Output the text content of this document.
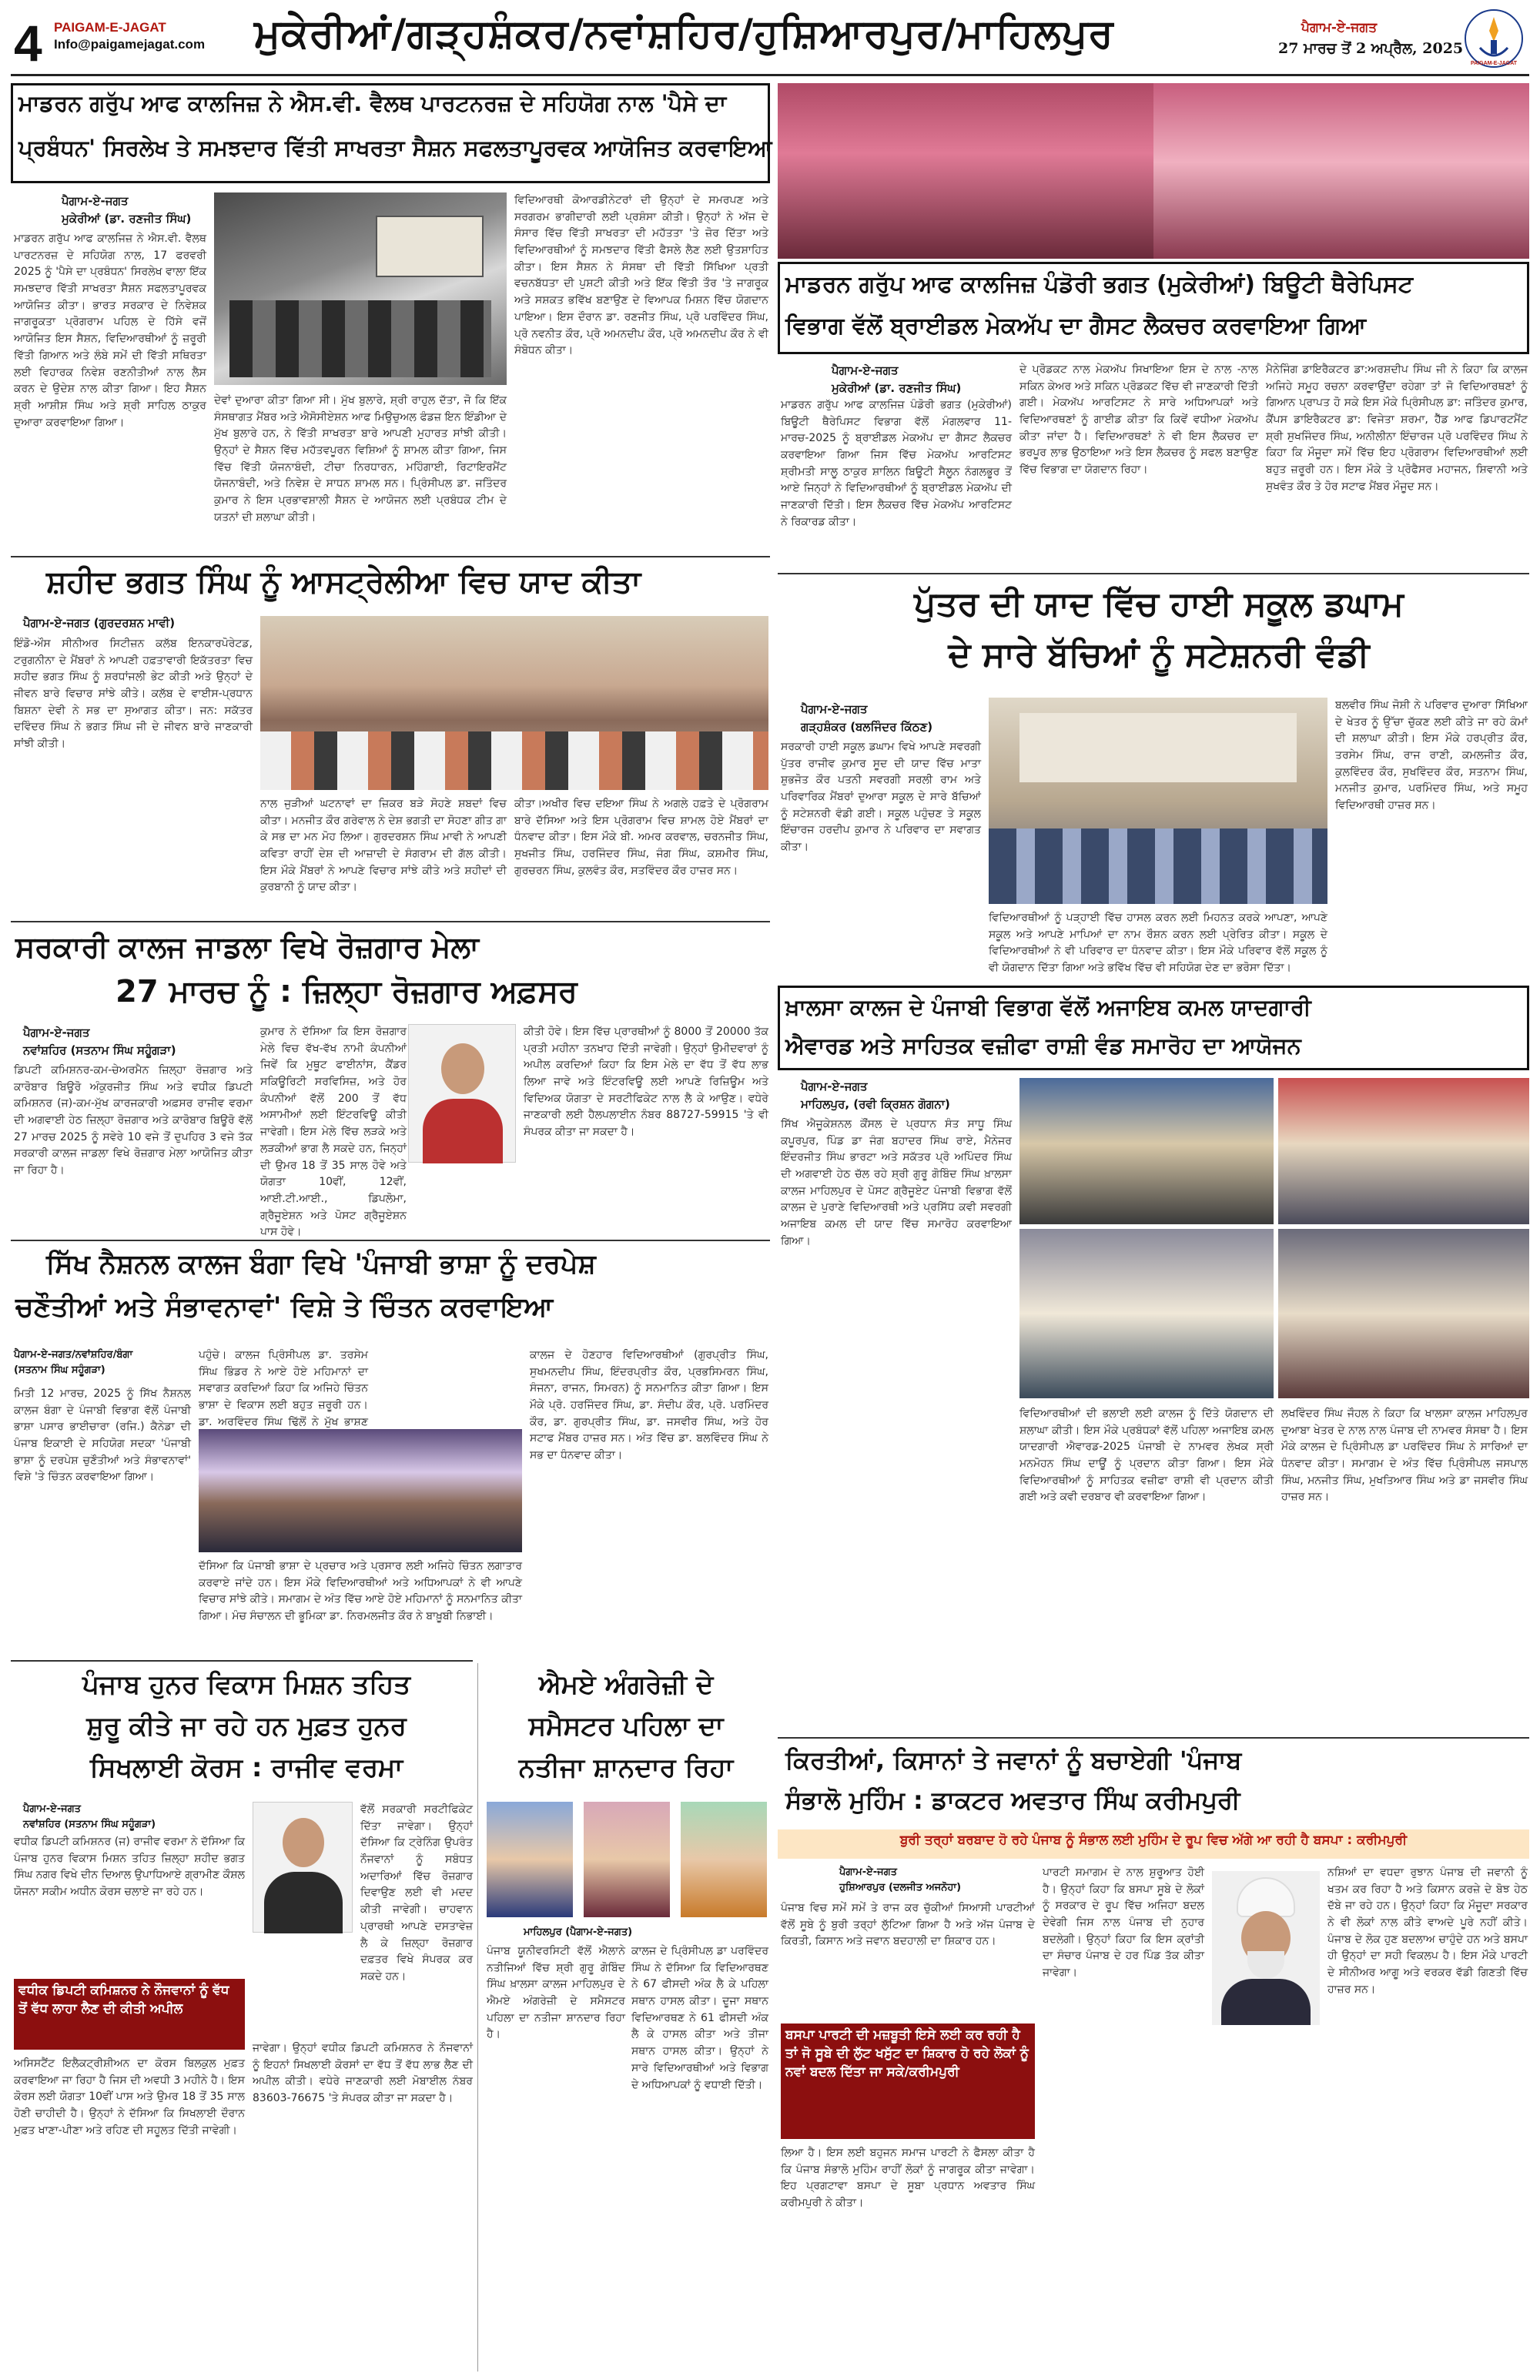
4 PAIGAM-E-JAGAT
Info@paigamejagat.com ਮੁਕੇਰੀਆਂ/ਗੜ੍ਹਸ਼ੰਕਰ/ਨਵਾਂਸ਼ਹਿਰ/ਹੁਸ਼ਿਆਰਪੁਰ/ਮਾਹਿਲਪੁਰ	ਪੈਗਾਮ-ਏ-ਜਗਤ
27 ਮਾਰਚ ਤੋਂ 2 ਅਪ੍ਰੈਲ, 2025
PAIGAM-E-JAGAT
ਮਾਡਰਨ ਗਰੁੱਪ ਆਫ ਕਾਲਜਿਜ਼ ਨੇ ਐਸ.ਵੀ. ਵੈਲਥ ਪਾਰਟਨਰਜ਼ ਦੇ ਸਹਿਯੋਗ ਨਾਲ 'ਪੈਸੇ ਦਾ
ਪ੍ਰਬੰਧਨ' ਸਿਰਲੇਖ ਤੇ ਸਮਝਦਾਰ ਵਿੱਤੀ ਸਾਖਰਤਾ ਸੈਸ਼ਨ ਸਫਲਤਾਪੂਰਵਕ ਆਯੋਜਿਤ ਕਰਵਾਇਆ
ਪੈਗਾਮ-ਏ-ਜਗਤ
ਮੁਕੇਰੀਆਂ (ਡਾ. ਰਣਜੀਤ ਸਿੰਘ)
ਮਾਡਰਨ ਗਰੁੱਪ ਆਫ ਕਾਲਜਿਜ਼ ਨੇ ਐਸ.ਵੀ. ਵੈਲਥ ਪਾਰਟਨਰਜ਼ ਦੇ ਸਹਿਯੋਗ ਨਾਲ, 17 ਫਰਵਰੀ 2025 ਨੂੰ 'ਪੈਸੇ ਦਾ ਪ੍ਰਬੰਧਨ' ਸਿਰਲੇਖ ਵਾਲਾ ਇੱਕ ਸਮਝਦਾਰ ਵਿੱਤੀ ਸਾਖਰਤਾ ਸੈਸ਼ਨ ਸਫਲਤਾਪੂਰਵਕ ਆਯੋਜਿਤ ਕੀਤਾ। ਭਾਰਤ ਸਰਕਾਰ ਦੇ ਨਿਵੇਸ਼ਕ ਜਾਗਰੂਕਤਾ ਪ੍ਰੋਗਰਾਮ ਪਹਿਲ ਦੇ ਹਿੱਸੇ ਵਜੋਂ ਆਯੋਜਿਤ ਇਸ ਸੈਸ਼ਨ, ਵਿਦਿਆਰਥੀਆਂ ਨੂੰ ਜ਼ਰੂਰੀ ਵਿੱਤੀ ਗਿਆਨ ਅਤੇ ਲੰਬੇ ਸਮੇਂ ਦੀ ਵਿੱਤੀ ਸਥਿਰਤਾ ਲਈ ਵਿਹਾਰਕ ਨਿਵੇਸ਼ ਰਣਨੀਤੀਆਂ ਨਾਲ ਲੈਸ ਕਰਨ ਦੇ ਉਦੇਸ਼ ਨਾਲ ਕੀਤਾ ਗਿਆ। ਇਹ ਸੈਸ਼ਨ ਸ਼੍ਰੀ ਆਸ਼ੀਸ਼ ਸਿੰਘ ਅਤੇ ਸ਼੍ਰੀ ਸਾਹਿਲ ਠਾਕੁਰ ਦੁਆਰਾ ਕਰਵਾਇਆ ਗਿਆ।
ਵਿਦਿਆਰਥੀ ਕੋਆਰਡੀਨੇਟਰਾਂ ਦੀ ਉਨ੍ਹਾਂ ਦੇ ਸਮਰਪਣ ਅਤੇ ਸਰਗਰਮ ਭਾਗੀਦਾਰੀ ਲਈ ਪ੍ਰਸ਼ੰਸਾ ਕੀਤੀ। ਉਨ੍ਹਾਂ ਨੇ ਅੱਜ ਦੇ ਸੰਸਾਰ ਵਿੱਚ ਵਿੱਤੀ ਸਾਖਰਤਾ ਦੀ ਮਹੱਤਤਾ 'ਤੇ ਜ਼ੋਰ ਦਿੱਤਾ ਅਤੇ ਵਿਦਿਆਰਥੀਆਂ ਨੂੰ ਸਮਝਦਾਰ ਵਿੱਤੀ ਫੈਸਲੇ ਲੈਣ ਲਈ ਉਤਸ਼ਾਹਿਤ ਕੀਤਾ। ਇਸ ਸੈਸ਼ਨ ਨੇ ਸੰਸਥਾ ਦੀ ਵਿੱਤੀ ਸਿੱਖਿਆ ਪ੍ਰਤੀ ਵਚਨਬੱਧਤਾ ਦੀ ਪੁਸ਼ਟੀ ਕੀਤੀ ਅਤੇ ਇੱਕ ਵਿੱਤੀ ਤੌਰ 'ਤੇ ਜਾਗਰੂਕ ਅਤੇ ਸਸ਼ਕਤ ਭਵਿੱਖ ਬਣਾਉਣ ਦੇ ਵਿਆਪਕ ਮਿਸ਼ਨ ਵਿੱਚ ਯੋਗਦਾਨ ਪਾਇਆ। ਇਸ ਦੌਰਾਨ ਡਾ. ਰਣਜੀਤ ਸਿੰਘ, ਪ੍ਰੋ ਪਰਵਿੰਦਰ ਸਿੰਘ, ਪ੍ਰੋ ਨਵਨੀਤ ਕੌਰ, ਪ੍ਰੋ ਅਮਨਦੀਪ ਕੌਰ, ਪ੍ਰੋ ਅਮਨਦੀਪ ਕੌਰ ਨੇ ਵੀ ਸੰਬੋਧਨ ਕੀਤਾ।
ਦੇਵਾਂ ਦੁਆਰਾ ਕੀਤਾ ਗਿਆ ਸੀ। ਮੁੱਖ ਬੁਲਾਰੇ, ਸ਼੍ਰੀ ਰਾਹੁਲ ਦੱਤਾ, ਜੋ ਕਿ ਇੱਕ ਸੰਸਥਾਗਤ ਮੈਂਬਰ ਅਤੇ ਐਸੋਸੀਏਸ਼ਨ ਆਫ ਮਿਉਚੁਅਲ ਫੰਡਜ਼ ਇਨ ਇੰਡੀਆ ਦੇ ਮੁੱਖ ਬੁਲਾਰੇ ਹਨ, ਨੇ ਵਿੱਤੀ ਸਾਖਰਤਾ ਬਾਰੇ ਆਪਣੀ ਮੁਹਾਰਤ ਸਾਂਝੀ ਕੀਤੀ। ਉਨ੍ਹਾਂ ਦੇ ਸੈਸ਼ਨ ਵਿੱਚ ਮਹੱਤਵਪੂਰਨ ਵਿਸ਼ਿਆਂ ਨੂੰ ਸ਼ਾਮਲ ਕੀਤਾ ਗਿਆ, ਜਿਸ ਵਿੱਚ ਵਿੱਤੀ ਯੋਜਨਾਬੰਦੀ, ਟੀਚਾ ਨਿਰਧਾਰਨ, ਮਹਿੰਗਾਈ, ਰਿਟਾਇਰਮੈਂਟ ਯੋਜਨਾਬੰਦੀ, ਅਤੇ ਨਿਵੇਸ਼ ਦੇ ਸਾਧਨ ਸ਼ਾਮਲ ਸਨ। ਪ੍ਰਿੰਸੀਪਲ ਡਾ. ਜਤਿੰਦਰ ਕੁਮਾਰ ਨੇ ਇਸ ਪ੍ਰਭਾਵਸ਼ਾਲੀ ਸੈਸ਼ਨ ਦੇ ਆਯੋਜਨ ਲਈ ਪ੍ਰਬੰਧਕ ਟੀਮ ਦੇ ਯਤਨਾਂ ਦੀ ਸ਼ਲਾਘਾ ਕੀਤੀ।
ਮਾਡਰਨ ਗਰੁੱਪ ਆਫ ਕਾਲਜਿਜ਼ ਪੰਡੋਰੀ ਭਗਤ (ਮੁਕੇਰੀਆਂ) ਬਿਊਟੀ ਥੈਰੇਪਿਸਟ
ਵਿਭਾਗ ਵੱਲੋਂ ਬ੍ਰਾਈਡਲ ਮੇਕਅੱਪ ਦਾ ਗੈਸਟ ਲੈਕਚਰ ਕਰਵਾਇਆ ਗਿਆ
ਪੈਗਾਮ-ਏ-ਜਗਤ
ਮੁਕੇਰੀਆਂ (ਡਾ. ਰਣਜੀਤ ਸਿੰਘ)
ਮਾਡਰਨ ਗਰੁੱਪ ਆਫ ਕਾਲਜਿਜ਼ ਪੰਡੋਰੀ ਭਗਤ (ਮੁਕੇਰੀਆਂ) ਬਿਊਟੀ ਥੈਰੇਪਿਸਟ ਵਿਭਾਗ ਵੱਲੋਂ ਮੰਗਲਵਾਰ 11-ਮਾਰਚ-2025 ਨੂੰ ਬ੍ਰਾਈਡਲ ਮੇਕਅੱਪ ਦਾ ਗੈਸਟ ਲੈਕਚਰ ਕਰਵਾਇਆ ਗਿਆ ਜਿਸ ਵਿੱਚ ਮੇਕਅੱਪ ਆਰਟਿਸਟ ਸ਼੍ਰੀਮਤੀ ਸਾਲੂ ਠਾਕੁਰ ਸ਼ਾਲਿਨ ਬਿਊਟੀ ਸੈਲੂਨ ਨੰਗਲਭੂਰ ਤੋਂ ਆਏ ਜਿਨ੍ਹਾਂ ਨੇ ਵਿਦਿਆਰਥੀਆਂ ਨੂੰ ਬ੍ਰਾਈਡਲ ਮੇਕਅੱਪ ਦੀ ਜਾਣਕਾਰੀ ਦਿੱਤੀ। ਇਸ ਲੈਕਚਰ ਵਿੱਚ ਮੇਕਅੱਪ ਆਰਟਿਸਟ ਨੇ ਰਿਕਾਰਡ ਕੀਤਾ।
ਦੇ ਪ੍ਰੋਡਕਟ ਨਾਲ ਮੇਕਅੱਪ ਸਿਖਾਇਆ ਇਸ ਦੇ ਨਾਲ -ਨਾਲ ਸਕਿਨ ਕੇਅਰ ਅਤੇ ਸਕਿਨ ਪ੍ਰੋਡਕਟ ਵਿੱਚ ਵੀ ਜਾਣਕਾਰੀ ਦਿੱਤੀ ਗਈ। ਮੇਕਅੱਪ ਆਰਟਿਸਟ ਨੇ ਸਾਰੇ ਅਧਿਆਪਕਾਂ ਅਤੇ ਵਿਦਿਆਰਥਣਾਂ ਨੂੰ ਗਾਈਡ ਕੀਤਾ ਕਿ ਕਿਵੇਂ ਵਧੀਆ ਮੇਕਅੱਪ ਕੀਤਾ ਜਾਂਦਾ ਹੈ। ਵਿਦਿਆਰਥਣਾਂ ਨੇ ਵੀ ਇਸ ਲੈਕਚਰ ਦਾ ਭਰਪੂਰ ਲਾਭ ਉਠਾਇਆ ਅਤੇ ਇਸ ਲੈਕਚਰ ਨੂੰ ਸਫਲ ਬਣਾਉਣ ਵਿੱਚ ਵਿਭਾਗ ਦਾ ਯੋਗਦਾਨ ਰਿਹਾ।
ਮੈਨੇਜਿੰਗ ਡਾਇਰੈਕਟਰ ਡਾ:ਅਰਸ਼ਦੀਪ ਸਿੰਘ ਜੀ ਨੇ ਕਿਹਾ ਕਿ ਕਾਲਜ ਅਜਿਹੇ ਸਮੂਹ ਰਚਨਾ ਕਰਵਾਉਂਦਾ ਰਹੇਗਾ ਤਾਂ ਜੋ ਵਿਦਿਆਰਥਣਾਂ ਨੂੰ ਗਿਆਨ ਪ੍ਰਾਪਤ ਹੋ ਸਕੇ ਇਸ ਮੌਕੇ ਪ੍ਰਿੰਸੀਪਲ ਡਾ: ਜਤਿੰਦਰ ਕੁਮਾਰ, ਕੈਂਪਸ ਡਾਇਰੈਕਟਰ ਡਾ: ਵਿਜੇਤਾ ਸ਼ਰਮਾ, ਹੈੱਡ ਆਫ ਡਿਪਾਰਟਮੈਂਟ ਸ਼੍ਰੀ ਸੁਖਜਿੰਦਰ ਸਿੰਘ, ਅਨੀਲੀਨਾ ਇੰਚਾਰਜ ਪ੍ਰੋ ਪਰਵਿੰਦਰ ਸਿੰਘ ਨੇ ਕਿਹਾ ਕਿ ਮੌਜੂਦਾ ਸਮੇਂ ਵਿੱਚ ਇਹ ਪ੍ਰੋਗਰਾਮ ਵਿਦਿਆਰਥੀਆਂ ਲਈ ਬਹੁਤ ਜ਼ਰੂਰੀ ਹਨ। ਇਸ ਮੌਕੇ ਤੇ ਪ੍ਰੋਫੈਸਰ ਮਹਾਜਨ, ਸ਼ਿਵਾਨੀ ਅਤੇ ਸੁਖਵੰਤ ਕੌਰ ਤੇ ਹੋਰ ਸਟਾਫ ਮੈਂਬਰ ਮੌਜੂਦ ਸਨ।
ਸ਼ਹੀਦ ਭਗਤ ਸਿੰਘ ਨੂੰ ਆਸਟ੍ਰੇਲੀਆ ਵਿਚ ਯਾਦ ਕੀਤਾ
ਪੈਗਾਮ-ਏ-ਜਗਤ (ਗੁਰਦਰਸ਼ਨ ਮਾਵੀ)
ਇੰਡੋ-ਔਸ ਸੀਨੀਅਰ ਸਿਟੀਜ਼ਨ ਕਲੱਬ ਇਨਕਾਰਪੋਰੇਟਡ, ਟਰੁਗਨੀਨਾ ਦੇ ਮੈਂਬਰਾਂ ਨੇ ਆਪਣੀ ਹਫ਼ਤਾਵਾਰੀ ਇਕੱਤਰਤਾ ਵਿਚ ਸ਼ਹੀਦ ਭਗਤ ਸਿੰਘ ਨੂੰ ਸ਼ਰਧਾਂਜਲੀ ਭੇਟ ਕੀਤੀ ਅਤੇ ਉਨ੍ਹਾਂ ਦੇ ਜੀਵਨ ਬਾਰੇ ਵਿਚਾਰ ਸਾਂਝੇ ਕੀਤੇ। ਕਲੱਬ ਦੇ ਵਾਈਸ-ਪ੍ਰਧਾਨ ਬਿਸ਼ਨਾ ਦੇਵੀ ਨੇ ਸਭ ਦਾ ਸੁਆਗਤ ਕੀਤਾ। ਜਨ: ਸਕੱਤਰ ਦਵਿੰਦਰ ਸਿੰਘ ਨੇ ਭਗਤ ਸਿੰਘ ਜੀ ਦੇ ਜੀਵਨ ਬਾਰੇ ਜਾਣਕਾਰੀ ਸਾਂਝੀ ਕੀਤੀ।
ਨਾਲ ਜੁੜੀਆਂ ਘਟਨਾਵਾਂ ਦਾ ਜ਼ਿਕਰ ਬੜੇ ਸੋਹਣੇ ਸ਼ਬਦਾਂ ਵਿਚ ਕੀਤਾ। ਮਨਜੀਤ ਕੌਰ ਗਰੇਵਾਲ ਨੇ ਦੇਸ਼ ਭਗਤੀ ਦਾ ਸੋਹਣਾ ਗੀਤ ਗਾ ਕੇ ਸਭ ਦਾ ਮਨ ਮੋਹ ਲਿਆ। ਗੁਰਦਰਸ਼ਨ ਸਿੰਘ ਮਾਵੀ ਨੇ ਆਪਣੀ ਕਵਿਤਾ ਰਾਹੀਂ ਦੇਸ਼ ਦੀ ਆਜ਼ਾਦੀ ਦੇ ਸੰਗਰਾਮ ਦੀ ਗੱਲ ਕੀਤੀ। ਇਸ ਮੌਕੇ ਮੈਂਬਰਾਂ ਨੇ ਆਪਣੇ ਵਿਚਾਰ ਸਾਂਝੇ ਕੀਤੇ ਅਤੇ ਸ਼ਹੀਦਾਂ ਦੀ ਕੁਰਬਾਨੀ ਨੂੰ ਯਾਦ ਕੀਤਾ।
ਕੀਤਾ।ਅਖੀਰ ਵਿਚ ਦਇਆ ਸਿੰਘ ਨੇ ਅਗਲੇ ਹਫ਼ਤੇ ਦੇ ਪ੍ਰੋਗਰਾਮ ਬਾਰੇ ਦੱਸਿਆ ਅਤੇ ਇਸ ਪ੍ਰੋਗਰਾਮ ਵਿਚ ਸ਼ਾਮਲ ਹੋਏ ਮੈਂਬਰਾਂ ਦਾ ਧੰਨਵਾਦ ਕੀਤਾ। ਇਸ ਮੌਕੇ ਬੀ. ਅਮਰ ਕਰਵਾਲ, ਚਰਨਜੀਤ ਸਿੰਘ, ਸੁਖਜੀਤ ਸਿੰਘ, ਹਰਜਿੰਦਰ ਸਿੰਘ, ਜੰਗ ਸਿੰਘ, ਕਸ਼ਮੀਰ ਸਿੰਘ, ਗੁਰਚਰਨ ਸਿੰਘ, ਕੁਲਵੰਤ ਕੌਰ, ਸਤਵਿੰਦਰ ਕੌਰ ਹਾਜ਼ਰ ਸਨ।
ਸਰਕਾਰੀ ਕਾਲਜ ਜਾਡਲਾ ਵਿਖੇ ਰੋਜ਼ਗਾਰ ਮੇਲਾ
27 ਮਾਰਚ ਨੂੰ : ਜ਼ਿਲ੍ਹਾ ਰੋਜ਼ਗਾਰ ਅਫ਼ਸਰ
ਪੈਗਾਮ-ਏ-ਜਗਤ
ਨਵਾਂਸ਼ਹਿਰ (ਸਤਨਾਮ ਸਿੰਘ ਸਹੂੰਗੜਾ)
ਡਿਪਟੀ ਕਮਿਸ਼ਨਰ-ਕਮ-ਚੇਅਰਮੈਨ ਜ਼ਿਲ੍ਹਾ ਰੋਜ਼ਗਾਰ ਅਤੇ ਕਾਰੋਬਾਰ ਬਿਊਰੋ ਅੰਕੁਰਜੀਤ ਸਿੰਘ ਅਤੇ ਵਧੀਕ ਡਿਪਟੀ ਕਮਿਸ਼ਨਰ (ਜ)-ਕਮ-ਮੁੱਖ ਕਾਰਜਕਾਰੀ ਅਫ਼ਸਰ ਰਾਜੀਵ ਵਰਮਾ ਦੀ ਅਗਵਾਈ ਹੇਠ ਜ਼ਿਲ੍ਹਾ ਰੋਜ਼ਗਾਰ ਅਤੇ ਕਾਰੋਬਾਰ ਬਿਊਰੋ ਵੱਲੋਂ 27 ਮਾਰਚ 2025 ਨੂੰ ਸਵੇਰੇ 10 ਵਜੇ ਤੋਂ ਦੁਪਹਿਰ 3 ਵਜੇ ਤੱਕ ਸਰਕਾਰੀ ਕਾਲਜ ਜਾਡਲਾ ਵਿਖੇ ਰੋਜ਼ਗਾਰ ਮੇਲਾ ਆਯੋਜਿਤ ਕੀਤਾ ਜਾ ਰਿਹਾ ਹੈ।
ਕੁਮਾਰ ਨੇ ਦੱਸਿਆ ਕਿ ਇਸ ਰੋਜ਼ਗਾਰ ਮੇਲੇ ਵਿਚ ਵੱਖ-ਵੱਖ ਨਾਮੀ ਕੰਪਨੀਆਂ ਜਿਵੇਂ ਕਿ ਮੁਥੂਟ ਫਾਈਨਾਂਸ, ਕੈਂਡਰ ਸਕਿਊਰਿਟੀ ਸਰਵਿਸਿਜ਼, ਅਤੇ ਹੋਰ ਕੰਪਨੀਆਂ ਵੱਲੋਂ 200 ਤੋਂ ਵੱਧ ਅਸਾਮੀਆਂ ਲਈ ਇੰਟਰਵਿਊ ਕੀਤੀ ਜਾਵੇਗੀ। ਇਸ ਮੇਲੇ ਵਿੱਚ ਲੜਕੇ ਅਤੇ ਲੜਕੀਆਂ ਭਾਗ ਲੈ ਸਕਦੇ ਹਨ, ਜਿਨ੍ਹਾਂ ਦੀ ਉਮਰ 18 ਤੋਂ 35 ਸਾਲ ਹੋਵੇ ਅਤੇ ਯੋਗਤਾ 10ਵੀਂ, 12ਵੀਂ, ਆਈ.ਟੀ.ਆਈ., ਡਿਪਲੋਮਾ, ਗ੍ਰੈਜੂਏਸ਼ਨ ਅਤੇ ਪੋਸਟ ਗ੍ਰੈਜੂਏਸ਼ਨ ਪਾਸ ਹੋਵੇ।
ਕੀਤੀ ਹੋਵੇ। ਇਸ ਵਿੱਚ ਪ੍ਰਾਰਥੀਆਂ ਨੂੰ 8000 ਤੋਂ 20000 ਤੱਕ ਪ੍ਰਤੀ ਮਹੀਨਾ ਤਨਖਾਹ ਦਿੱਤੀ ਜਾਵੇਗੀ। ਉਨ੍ਹਾਂ ਉਮੀਦਵਾਰਾਂ ਨੂੰ ਅਪੀਲ ਕਰਦਿਆਂ ਕਿਹਾ ਕਿ ਇਸ ਮੇਲੇ ਦਾ ਵੱਧ ਤੋਂ ਵੱਧ ਲਾਭ ਲਿਆ ਜਾਵੇ ਅਤੇ ਇੰਟਰਵਿਊ ਲਈ ਆਪਣੇ ਰਿਜ਼ਿਊਮ ਅਤੇ ਵਿਦਿਅਕ ਯੋਗਤਾ ਦੇ ਸਰਟੀਫਿਕੇਟ ਨਾਲ ਲੈ ਕੇ ਆਉਣ। ਵਧੇਰੇ ਜਾਣਕਾਰੀ ਲਈ ਹੈਲਪਲਾਈਨ ਨੰਬਰ 88727-59915 'ਤੇ ਵੀ ਸੰਪਰਕ ਕੀਤਾ ਜਾ ਸਕਦਾ ਹੈ।
ਪੁੱਤਰ ਦੀ ਯਾਦ ਵਿੱਚ ਹਾਈ ਸਕੂਲ ਡਘਾਮ
ਦੇ ਸਾਰੇ ਬੱਚਿਆਂ ਨੂੰ ਸਟੇਸ਼ਨਰੀ ਵੰਡੀ
ਪੈਗਾਮ-ਏ-ਜਗਤ
ਗੜ੍ਹਸ਼ੰਕਰ (ਬਲਜਿੰਦਰ ਕਿੱਠਣ)
ਸਰਕਾਰੀ ਹਾਈ ਸਕੂਲ ਡਘਾਮ ਵਿਖੇ ਆਪਣੇ ਸਵਰਗੀ ਪੁੱਤਰ ਰਾਜੀਵ ਕੁਮਾਰ ਸੂਦ ਦੀ ਯਾਦ ਵਿੱਚ ਮਾਤਾ ਸ਼ੁਭਜੋਤ ਕੌਰ ਪਤਨੀ ਸਵਰਗੀ ਸਰਲੀ ਰਾਮ ਅਤੇ ਪਰਿਵਾਰਿਕ ਮੈਂਬਰਾਂ ਦੁਆਰਾ ਸਕੂਲ ਦੇ ਸਾਰੇ ਬੱਚਿਆਂ ਨੂੰ ਸਟੇਸ਼ਨਰੀ ਵੰਡੀ ਗਈ। ਸਕੂਲ ਪਹੁੰਚਣ ਤੇ ਸਕੂਲ ਇੰਚਾਰਜ ਹਰਦੀਪ ਕੁਮਾਰ ਨੇ ਪਰਿਵਾਰ ਦਾ ਸਵਾਗਤ ਕੀਤਾ।
ਬਲਵੀਰ ਸਿੰਘ ਜੋਸ਼ੀ ਨੇ ਪਰਿਵਾਰ ਦੁਆਰਾ ਸਿੱਖਿਆ ਦੇ ਖੇਤਰ ਨੂੰ ਉੱਚਾ ਚੁੱਕਣ ਲਈ ਕੀਤੇ ਜਾ ਰਹੇ ਕੰਮਾਂ ਦੀ ਸ਼ਲਾਘਾ ਕੀਤੀ। ਇਸ ਮੌਕੇ ਹਰਪ੍ਰੀਤ ਕੌਰ, ਤਰਸੇਮ ਸਿੰਘ, ਰਾਜ ਰਾਣੀ, ਕਮਲਜੀਤ ਕੌਰ, ਕੁਲਵਿੰਦਰ ਕੌਰ, ਸੁਖਵਿੰਦਰ ਕੌਰ, ਸਤਨਾਮ ਸਿੰਘ, ਮਨਜੀਤ ਕੁਮਾਰ, ਪਰਮਿੰਦਰ ਸਿੰਘ, ਅਤੇ ਸਮੂਹ ਵਿਦਿਆਰਥੀ ਹਾਜ਼ਰ ਸਨ।
ਵਿਦਿਆਰਥੀਆਂ ਨੂੰ ਪੜ੍ਹਾਈ ਵਿੱਚ ਹਾਸਲ ਕਰਨ ਲਈ ਮਿਹਨਤ ਕਰਕੇ ਆਪਣਾ, ਆਪਣੇ ਸਕੂਲ ਅਤੇ ਆਪਣੇ ਮਾਪਿਆਂ ਦਾ ਨਾਮ ਰੌਸ਼ਨ ਕਰਨ ਲਈ ਪ੍ਰੇਰਿਤ ਕੀਤਾ। ਸਕੂਲ ਦੇ ਵਿਦਿਆਰਥੀਆਂ ਨੇ ਵੀ ਪਰਿਵਾਰ ਦਾ ਧੰਨਵਾਦ ਕੀਤਾ। ਇਸ ਮੌਕੇ ਪਰਿਵਾਰ ਵੱਲੋਂ ਸਕੂਲ ਨੂੰ ਵੀ ਯੋਗਦਾਨ ਦਿੱਤਾ ਗਿਆ ਅਤੇ ਭਵਿੱਖ ਵਿੱਚ ਵੀ ਸਹਿਯੋਗ ਦੇਣ ਦਾ ਭਰੋਸਾ ਦਿੱਤਾ।
ਖ਼ਾਲਸਾ ਕਾਲਜ ਦੇ ਪੰਜਾਬੀ ਵਿਭਾਗ ਵੱਲੋਂ ਅਜਾਇਬ ਕਮਲ ਯਾਦਗਾਰੀ
ਐਵਾਰਡ ਅਤੇ ਸਾਹਿਤਕ ਵਜ਼ੀਫਾ ਰਾਸ਼ੀ ਵੰਡ ਸਮਾਰੋਹ ਦਾ ਆਯੋਜਨ
ਪੈਗਾਮ-ਏ-ਜਗਤ
ਮਾਹਿਲਪੁਰ, (ਰਵੀ ਕ੍ਰਿਸ਼ਨ ਗੋਗਨਾ)
ਸਿੱਖ ਐਜੂਕੇਸ਼ਨਲ ਕੌਂਸਲ ਦੇ ਪ੍ਰਧਾਨ ਸੰਤ ਸਾਧੂ ਸਿੰਘ ਕਪੂਰਪੁਰ, ਪਿੰਡ ਡਾ ਜੰਗ ਬਹਾਦਰ ਸਿੰਘ ਰਾਏ, ਮੈਨੇਜਰ ਇੰਦਰਜੀਤ ਸਿੰਘ ਭਾਰਟਾ ਅਤੇ ਸਕੱਤਰ ਪ੍ਰੋ ਅਪਿੰਦਰ ਸਿੰਘ ਦੀ ਅਗਵਾਈ ਹੇਠ ਚੱਲ ਰਹੇ ਸ਼੍ਰੀ ਗੁਰੂ ਗੋਬਿੰਦ ਸਿੰਘ ਖ਼ਾਲਸਾ ਕਾਲਜ ਮਾਹਿਲਪੁਰ ਦੇ ਪੋਸਟ ਗ੍ਰੈਜੂਏਟ ਪੰਜਾਬੀ ਵਿਭਾਗ ਵੱਲੋਂ ਕਾਲਜ ਦੇ ਪੁਰਾਣੇ ਵਿਦਿਆਰਥੀ ਅਤੇ ਪ੍ਰਸਿੱਧ ਕਵੀ ਸਵਰਗੀ ਅਜਾਇਬ ਕਮਲ ਦੀ ਯਾਦ ਵਿੱਚ ਸਮਾਰੋਹ ਕਰਵਾਇਆ ਗਿਆ।
ਵਿਦਿਆਰਥੀਆਂ ਦੀ ਭਲਾਈ ਲਈ ਕਾਲਜ ਨੂੰ ਦਿੱਤੇ ਯੋਗਦਾਨ ਦੀ ਸ਼ਲਾਘਾ ਕੀਤੀ। ਇਸ ਮੌਕੇ ਪ੍ਰਬੰਧਕਾਂ ਵੱਲੋਂ ਪਹਿਲਾ ਅਜਾਇਬ ਕਮਲ ਯਾਦਗਾਰੀ ਐਵਾਰਡ-2025 ਪੰਜਾਬੀ ਦੇ ਨਾਮਵਰ ਲੇਖਕ ਸ੍ਰੀ ਮਨਮੋਹਨ ਸਿੰਘ ਦਾਊਂ ਨੂੰ ਪ੍ਰਦਾਨ ਕੀਤਾ ਗਿਆ। ਇਸ ਮੌਕੇ ਵਿਦਿਆਰਥੀਆਂ ਨੂੰ ਸਾਹਿਤਕ ਵਜ਼ੀਫਾ ਰਾਸ਼ੀ ਵੀ ਪ੍ਰਦਾਨ ਕੀਤੀ ਗਈ ਅਤੇ ਕਵੀ ਦਰਬਾਰ ਵੀ ਕਰਵਾਇਆ ਗਿਆ।
ਲਖਵਿੰਦਰ ਸਿੰਘ ਜੌਹਲ ਨੇ ਕਿਹਾ ਕਿ ਖਾਲਸਾ ਕਾਲਜ ਮਾਹਿਲਪੁਰ ਦੁਆਬਾ ਖੇਤਰ ਦੇ ਨਾਲ ਨਾਲ ਪੰਜਾਬ ਦੀ ਨਾਮਵਰ ਸੰਸਥਾ ਹੈ। ਇਸ ਮੌਕੇ ਕਾਲਜ ਦੇ ਪ੍ਰਿੰਸੀਪਲ ਡਾ ਪਰਵਿੰਦਰ ਸਿੰਘ ਨੇ ਸਾਰਿਆਂ ਦਾ ਧੰਨਵਾਦ ਕੀਤਾ। ਸਮਾਗਮ ਦੇ ਅੰਤ ਵਿੱਚ ਪ੍ਰਿੰਸੀਪਲ ਜਸਪਾਲ ਸਿੰਘ, ਮਨਜੀਤ ਸਿੰਘ, ਮੁਖਤਿਆਰ ਸਿੰਘ ਅਤੇ ਡਾ ਜਸਵੀਰ ਸਿੰਘ ਹਾਜ਼ਰ ਸਨ।
ਸਿੱਖ ਨੈਸ਼ਨਲ ਕਾਲਜ ਬੰਗਾ ਵਿਖੇ 'ਪੰਜਾਬੀ ਭਾਸ਼ਾ ਨੂੰ ਦਰਪੇਸ਼
ਚਣੌਤੀਆਂ ਅਤੇ ਸੰਭਾਵਨਾਵਾਂ' ਵਿਸ਼ੇ ਤੇ ਚਿੰਤਨ ਕਰਵਾਇਆ
ਪੈਗਾਮ-ਏ-ਜਗਤ/ਨਵਾਂਸ਼ਹਿਰ/ਬੰਗਾ
(ਸਤਨਾਮ ਸਿੰਘ ਸਹੂੰਗੜਾ)
ਮਿਤੀ 12 ਮਾਰਚ, 2025 ਨੂੰ ਸਿੱਖ ਨੈਸ਼ਨਲ ਕਾਲਜ ਬੰਗਾ ਦੇ ਪੰਜਾਬੀ ਵਿਭਾਗ ਵੱਲੋਂ ਪੰਜਾਬੀ ਭਾਸ਼ਾ ਪਸਾਰ ਭਾਈਚਾਰਾ (ਰਜਿ.) ਕੈਨੇਡਾ ਦੀ ਪੰਜਾਬ ਇਕਾਈ ਦੇ ਸਹਿਯੋਗ ਸਦਕਾ 'ਪੰਜਾਬੀ ਭਾਸ਼ਾ ਨੂੰ ਦਰਪੇਸ਼ ਚੁਣੌਤੀਆਂ ਅਤੇ ਸੰਭਾਵਨਾਵਾਂ' ਵਿਸ਼ੇ 'ਤੇ ਚਿੰਤਨ ਕਰਵਾਇਆ ਗਿਆ।
ਪਹੁੰਚੇ। ਕਾਲਜ ਪ੍ਰਿੰਸੀਪਲ ਡਾ. ਤਰਸੇਮ ਸਿੰਘ ਭਿੰਡਰ ਨੇ ਆਏ ਹੋਏ ਮਹਿਮਾਨਾਂ ਦਾ ਸਵਾਗਤ ਕਰਦਿਆਂ ਕਿਹਾ ਕਿ ਅਜਿਹੇ ਚਿੰਤਨ ਭਾਸ਼ਾ ਦੇ ਵਿਕਾਸ ਲਈ ਬਹੁਤ ਜ਼ਰੂਰੀ ਹਨ। ਡਾ. ਅਰਵਿੰਦਰ ਸਿੰਘ ਢਿੱਲੋਂ ਨੇ ਮੁੱਖ ਭਾਸ਼ਣ
ਦੱਸਿਆ ਕਿ ਪੰਜਾਬੀ ਭਾਸ਼ਾ ਦੇ ਪ੍ਰਚਾਰ ਅਤੇ ਪ੍ਰਸਾਰ ਲਈ ਅਜਿਹੇ ਚਿੰਤਨ ਲਗਾਤਾਰ ਕਰਵਾਏ ਜਾਂਦੇ ਹਨ। ਇਸ ਮੌਕੇ ਵਿਦਿਆਰਥੀਆਂ ਅਤੇ ਅਧਿਆਪਕਾਂ ਨੇ ਵੀ ਆਪਣੇ ਵਿਚਾਰ ਸਾਂਝੇ ਕੀਤੇ। ਸਮਾਗਮ ਦੇ ਅੰਤ ਵਿੱਚ ਆਏ ਹੋਏ ਮਹਿਮਾਨਾਂ ਨੂੰ ਸਨਮਾਨਿਤ ਕੀਤਾ ਗਿਆ। ਮੰਚ ਸੰਚਾਲਨ ਦੀ ਭੂਮਿਕਾ ਡਾ. ਨਿਰਮਲਜੀਤ ਕੌਰ ਨੇ ਬਾਖ਼ੂਬੀ ਨਿਭਾਈ।
ਕਾਲਜ ਦੇ ਹੋਣਹਾਰ ਵਿਦਿਆਰਥੀਆਂ (ਗੁਰਪ੍ਰੀਤ ਸਿੰਘ, ਸੁਖਮਨਦੀਪ ਸਿੰਘ, ਇੰਦਰਪ੍ਰੀਤ ਕੌਰ, ਪ੍ਰਭਸਿਮਰਨ ਸਿੰਘ, ਸੰਜਨਾ, ਰਾਜਨ, ਸਿਮਰਨ) ਨੂੰ ਸਨਮਾਨਿਤ ਕੀਤਾ ਗਿਆ। ਇਸ ਮੌਕੇ ਪ੍ਰੋ. ਹਰਜਿੰਦਰ ਸਿੰਘ, ਡਾ. ਸੰਦੀਪ ਕੌਰ, ਪ੍ਰੋ. ਪਰਮਿੰਦਰ ਕੌਰ, ਡਾ. ਗੁਰਪ੍ਰੀਤ ਸਿੰਘ, ਡਾ. ਜਸਵੀਰ ਸਿੰਘ, ਅਤੇ ਹੋਰ ਸਟਾਫ ਮੈਂਬਰ ਹਾਜ਼ਰ ਸਨ। ਅੰਤ ਵਿੱਚ ਡਾ. ਬਲਵਿੰਦਰ ਸਿੰਘ ਨੇ ਸਭ ਦਾ ਧੰਨਵਾਦ ਕੀਤਾ।
ਪੰਜਾਬ ਹੁਨਰ ਵਿਕਾਸ ਮਿਸ਼ਨ ਤਹਿਤ
ਸ਼ੁਰੂ ਕੀਤੇ ਜਾ ਰਹੇ ਹਨ ਮੁਫ਼ਤ ਹੁਨਰ
ਸਿਖਲਾਈ ਕੋਰਸ : ਰਾਜੀਵ ਵਰਮਾ
ਪੈਗਾਮ-ਏ-ਜਗਤ
ਨਵਾਂਸ਼ਹਿਰ (ਸਤਨਾਮ ਸਿੰਘ ਸਹੂੰਗੜਾ)
ਵਧੀਕ ਡਿਪਟੀ ਕਮਿਸ਼ਨਰ (ਜ) ਰਾਜੀਵ ਵਰਮਾ ਨੇ ਦੱਸਿਆ ਕਿ ਪੰਜਾਬ ਹੁਨਰ ਵਿਕਾਸ ਮਿਸ਼ਨ ਤਹਿਤ ਜ਼ਿਲ੍ਹਾ ਸ਼ਹੀਦ ਭਗਤ ਸਿੰਘ ਨਗਰ ਵਿਖੇ ਦੀਨ ਦਿਆਲ ਉਪਾਧਿਆਏ ਗ੍ਰਾਮੀਣ ਕੌਸ਼ਲ ਯੋਜਨਾ ਸਕੀਮ ਅਧੀਨ ਕੋਰਸ ਚਲਾਏ ਜਾ ਰਹੇ ਹਨ।
ਵਧੀਕ ਡਿਪਟੀ ਕਮਿਸ਼ਨਰ ਨੇ ਨੌਜਵਾਨਾਂ ਨੂੰ ਵੱਧ ਤੋਂ ਵੱਧ ਲਾਹਾ ਲੈਣ ਦੀ ਕੀਤੀ ਅਪੀਲ
ਅਸਿਸਟੈਂਟ ਇਲੈਕਟ੍ਰੀਸ਼ੀਅਨ ਦਾ ਕੋਰਸ ਬਿਲਕੁਲ ਮੁਫ਼ਤ ਕਰਵਾਇਆ ਜਾ ਰਿਹਾ ਹੈ ਜਿਸ ਦੀ ਅਵਧੀ 3 ਮਹੀਨੇ ਹੈ। ਇਸ ਕੋਰਸ ਲਈ ਯੋਗਤਾ 10ਵੀਂ ਪਾਸ ਅਤੇ ਉਮਰ 18 ਤੋਂ 35 ਸਾਲ ਹੋਣੀ ਚਾਹੀਦੀ ਹੈ। ਉਨ੍ਹਾਂ ਨੇ ਦੱਸਿਆ ਕਿ ਸਿਖਲਾਈ ਦੌਰਾਨ ਮੁਫ਼ਤ ਖਾਣਾ-ਪੀਣਾ ਅਤੇ ਰਹਿਣ ਦੀ ਸਹੂਲਤ ਦਿੱਤੀ ਜਾਵੇਗੀ।
ਵੱਲੋਂ ਸਰਕਾਰੀ ਸਰਟੀਫਿਕੇਟ ਦਿੱਤਾ ਜਾਵੇਗਾ। ਉਨ੍ਹਾਂ ਦੱਸਿਆ ਕਿ ਟ੍ਰੇਨਿੰਗ ਉਪਰੰਤ ਨੌਜਵਾਨਾਂ ਨੂੰ ਸਬੰਧਤ ਅਦਾਰਿਆਂ ਵਿੱਚ ਰੋਜ਼ਗਾਰ ਦਿਵਾਉਣ ਲਈ ਵੀ ਮਦਦ ਕੀਤੀ ਜਾਵੇਗੀ। ਚਾਹਵਾਨ ਪ੍ਰਾਰਥੀ ਆਪਣੇ ਦਸਤਾਵੇਜ਼ ਲੈ ਕੇ ਜ਼ਿਲ੍ਹਾ ਰੋਜ਼ਗਾਰ ਦਫ਼ਤਰ ਵਿਖੇ ਸੰਪਰਕ ਕਰ ਸਕਦੇ ਹਨ।
ਜਾਵੇਗਾ। ਉਨ੍ਹਾਂ ਵਧੀਕ ਡਿਪਟੀ ਕਮਿਸ਼ਨਰ ਨੇ ਨੌਜਵਾਨਾਂ ਨੂੰ ਇਹਨਾਂ ਸਿਖਲਾਈ ਕੋਰਸਾਂ ਦਾ ਵੱਧ ਤੋਂ ਵੱਧ ਲਾਭ ਲੈਣ ਦੀ ਅਪੀਲ ਕੀਤੀ। ਵਧੇਰੇ ਜਾਣਕਾਰੀ ਲਈ ਮੋਬਾਈਲ ਨੰਬਰ 83603-76675 'ਤੇ ਸੰਪਰਕ ਕੀਤਾ ਜਾ ਸਕਦਾ ਹੈ।
ਐਮਏ ਅੰਗਰੇਜ਼ੀ ਦੇ
ਸਮੈਸਟਰ ਪਹਿਲਾ ਦਾ
ਨਤੀਜਾ ਸ਼ਾਨਦਾਰ ਰਿਹਾ
ਮਾਹਿਲਪੁਰ (ਪੈਗਾਮ-ਏ-ਜਗਤ)
ਪੰਜਾਬ ਯੂਨੀਵਰਸਿਟੀ ਵੱਲੋਂ ਐਲਾਨੇ ਨਤੀਜਿਆਂ ਵਿੱਚ ਸ਼੍ਰੀ ਗੁਰੂ ਗੋਬਿੰਦ ਸਿੰਘ ਖ਼ਾਲਸਾ ਕਾਲਜ ਮਾਹਿਲਪੁਰ ਦੇ ਐਮਏ ਅੰਗਰੇਜ਼ੀ ਦੇ ਸਮੈਸਟਰ ਪਹਿਲਾ ਦਾ ਨਤੀਜਾ ਸ਼ਾਨਦਾਰ ਰਿਹਾ ਹੈ।
ਕਾਲਜ ਦੇ ਪ੍ਰਿੰਸੀਪਲ ਡਾ ਪਰਵਿੰਦਰ ਸਿੰਘ ਨੇ ਦੱਸਿਆ ਕਿ ਵਿਦਿਆਰਥਣ ਨੇ 67 ਫੀਸਦੀ ਅੰਕ ਲੈ ਕੇ ਪਹਿਲਾ ਸਥਾਨ ਹਾਸਲ ਕੀਤਾ। ਦੂਜਾ ਸਥਾਨ ਵਿਦਿਆਰਥਣ ਨੇ 61 ਫੀਸਦੀ ਅੰਕ ਲੈ ਕੇ ਹਾਸਲ ਕੀਤਾ ਅਤੇ ਤੀਜਾ ਸਥਾਨ ਹਾਸਲ ਕੀਤਾ। ਉਨ੍ਹਾਂ ਨੇ ਸਾਰੇ ਵਿਦਿਆਰਥੀਆਂ ਅਤੇ ਵਿਭਾਗ ਦੇ ਅਧਿਆਪਕਾਂ ਨੂੰ ਵਧਾਈ ਦਿੱਤੀ।
ਕਿਰਤੀਆਂ, ਕਿਸਾਨਾਂ ਤੇ ਜਵਾਨਾਂ ਨੂੰ ਬਚਾਏਗੀ 'ਪੰਜਾਬ
ਸੰਭਾਲੋ ਮੁਹਿੰਮ : ਡਾਕਟਰ ਅਵਤਾਰ ਸਿੰਘ ਕਰੀਮਪੁਰੀ
ਬੁਰੀ ਤਰ੍ਹਾਂ ਬਰਬਾਦ ਹੋ ਰਹੇ ਪੰਜਾਬ ਨੂੰ ਸੰਭਾਲ ਲਈ ਮੁਹਿੰਮ ਦੇ ਰੂਪ ਵਿਚ ਅੱਗੇ ਆ ਰਹੀ ਹੈ ਬਸਪਾ : ਕਰੀਮਪੁਰੀ
ਪੈਗਾਮ-ਏ-ਜਗਤ
ਹੁਸ਼ਿਆਰਪੁਰ (ਦਲਜੀਤ ਅਜਨੋਹਾ)
ਪੰਜਾਬ ਵਿਚ ਸਮੇਂ ਸਮੇਂ ਤੇ ਰਾਜ ਕਰ ਚੁੱਕੀਆਂ ਸਿਆਸੀ ਪਾਰਟੀਆਂ ਵੱਲੋਂ ਸੂਬੇ ਨੂੰ ਬੁਰੀ ਤਰ੍ਹਾਂ ਲੁੱਟਿਆ ਗਿਆ ਹੈ ਅਤੇ ਅੱਜ ਪੰਜਾਬ ਦੇ ਕਿਰਤੀ, ਕਿਸਾਨ ਅਤੇ ਜਵਾਨ ਬਦਹਾਲੀ ਦਾ ਸ਼ਿਕਾਰ ਹਨ।
ਬਸਪਾ ਪਾਰਟੀ ਦੀ ਮਜ਼ਬੂਤੀ ਇਸੇ ਲਈ ਕਰ ਰਹੀ ਹੈ ਤਾਂ ਜੋ ਸੂਬੇ ਦੀ ਲੁੱਟ ਖਸੁੱਟ ਦਾ ਸ਼ਿਕਾਰ ਹੋ ਰਹੇ ਲੋਕਾਂ ਨੂੰ ਨਵਾਂ ਬਦਲ ਦਿੱਤਾ ਜਾ ਸਕੇ/ਕਰੀਮਪੁਰੀ
ਲਿਆ ਹੈ। ਇਸ ਲਈ ਬਹੁਜਨ ਸਮਾਜ ਪਾਰਟੀ ਨੇ ਫੈਸਲਾ ਕੀਤਾ ਹੈ ਕਿ ਪੰਜਾਬ ਸੰਭਾਲੋ ਮੁਹਿੰਮ ਰਾਹੀਂ ਲੋਕਾਂ ਨੂੰ ਜਾਗਰੂਕ ਕੀਤਾ ਜਾਵੇਗਾ। ਇਹ ਪ੍ਰਗਟਾਵਾ ਬਸਪਾ ਦੇ ਸੂਬਾ ਪ੍ਰਧਾਨ ਅਵਤਾਰ ਸਿੰਘ ਕਰੀਮਪੁਰੀ ਨੇ ਕੀਤਾ।
ਪਾਰਟੀ ਸਮਾਗਮ ਦੇ ਨਾਲ ਸ਼ੁਰੂਆਤ ਹੋਈ ਹੈ। ਉਨ੍ਹਾਂ ਕਿਹਾ ਕਿ ਬਸਪਾ ਸੂਬੇ ਦੇ ਲੋਕਾਂ ਨੂੰ ਸਰਕਾਰ ਦੇ ਰੂਪ ਵਿੱਚ ਅਜਿਹਾ ਬਦਲ ਦੇਵੇਗੀ ਜਿਸ ਨਾਲ ਪੰਜਾਬ ਦੀ ਨੁਹਾਰ ਬਦਲੇਗੀ। ਉਨ੍ਹਾਂ ਕਿਹਾ ਕਿ ਇਸ ਕ੍ਰਾਂਤੀ ਦਾ ਸੰਚਾਰ ਪੰਜਾਬ ਦੇ ਹਰ ਪਿੰਡ ਤੱਕ ਕੀਤਾ ਜਾਵੇਗਾ।
ਨਸ਼ਿਆਂ ਦਾ ਵਧਦਾ ਰੁਝਾਨ ਪੰਜਾਬ ਦੀ ਜਵਾਨੀ ਨੂੰ ਖਤਮ ਕਰ ਰਿਹਾ ਹੈ ਅਤੇ ਕਿਸਾਨ ਕਰਜ਼ੇ ਦੇ ਬੋਝ ਹੇਠ ਦੱਬੇ ਜਾ ਰਹੇ ਹਨ। ਉਨ੍ਹਾਂ ਕਿਹਾ ਕਿ ਮੌਜੂਦਾ ਸਰਕਾਰ ਨੇ ਵੀ ਲੋਕਾਂ ਨਾਲ ਕੀਤੇ ਵਾਅਦੇ ਪੂਰੇ ਨਹੀਂ ਕੀਤੇ। ਪੰਜਾਬ ਦੇ ਲੋਕ ਹੁਣ ਬਦਲਾਅ ਚਾਹੁੰਦੇ ਹਨ ਅਤੇ ਬਸਪਾ ਹੀ ਉਨ੍ਹਾਂ ਦਾ ਸਹੀ ਵਿਕਲਪ ਹੈ। ਇਸ ਮੌਕੇ ਪਾਰਟੀ ਦੇ ਸੀਨੀਅਰ ਆਗੂ ਅਤੇ ਵਰਕਰ ਵੱਡੀ ਗਿਣਤੀ ਵਿੱਚ ਹਾਜ਼ਰ ਸਨ।
